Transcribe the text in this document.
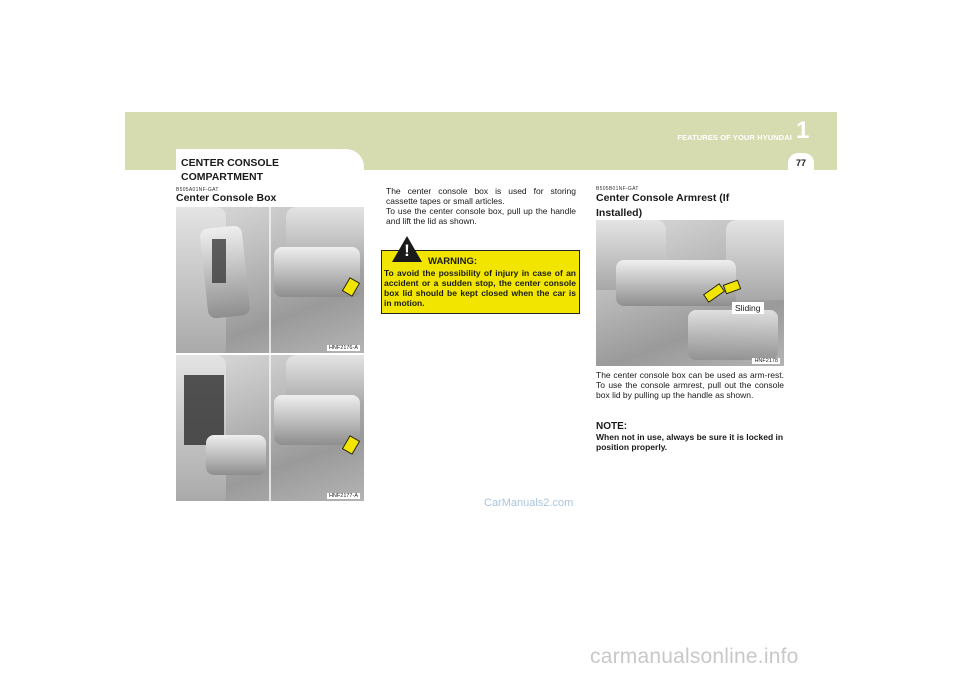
FEATURES OF YOUR HYUNDAI 1
77
CENTER CONSOLE COMPARTMENT
B505A01NF-GAT
Center Console Box
HNF2176-A
HNF2177-A
The center console box is used for storing cassette tapes or small articles.
To use the center console box, pull up the handle and lift the lid as shown.
!
WARNING:
To avoid the possibility of injury in case of an accident or a sudden stop, the center console box lid should be kept closed when the car is in motion.
B505B01NF-GAT
Center Console Armrest (If Installed)
HNF2178
Sliding
The center console box can be used as arm-rest. To use the console armrest, pull out the console box lid by pulling up the handle as shown.
NOTE:
When not in use, always be sure it is locked in position properly.
CarManuals2.com
carmanualsonline.info
